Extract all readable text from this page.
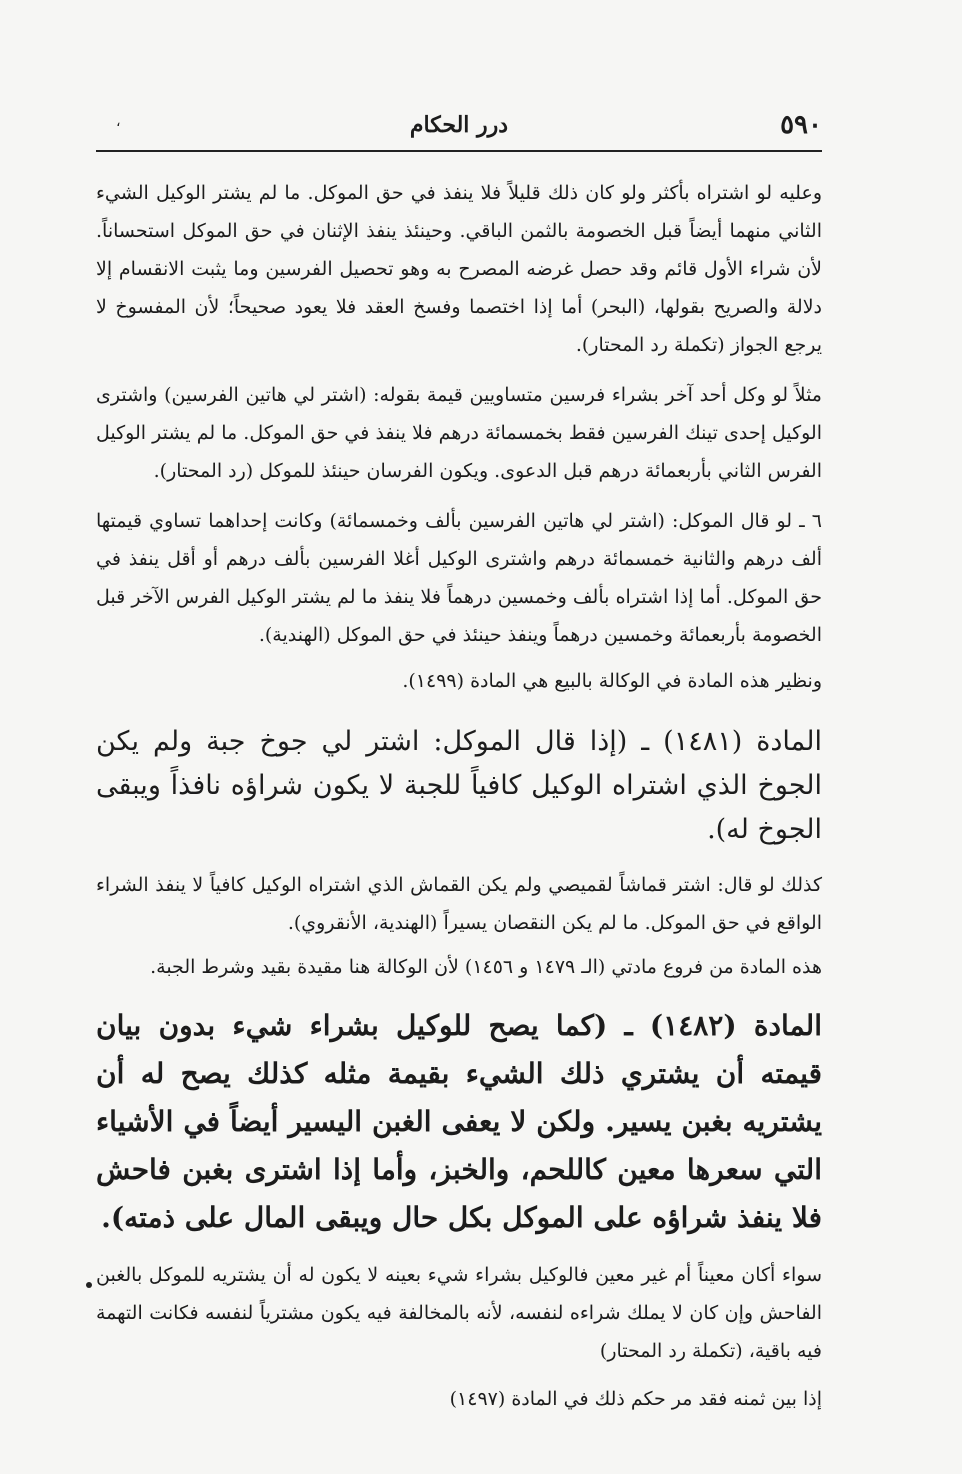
٥٩٠
درر الحكام
،

وعليه لو اشتراه بأكثر ولو كان ذلك قليلاً فلا ينفذ في حق الموكل. ما لم يشتر الوكيل الشيء الثاني منهما أيضاً قبل الخصومة بالثمن الباقي. وحينئذ ينفذ الإثنان في حق الموكل استحساناً. لأن شراء الأول قائم وقد حصل غرضه المصرح به وهو تحصيل الفرسين وما يثبت الانقسام إلا دلالة والصريح بقولها، (البحر) أما إذا اختصما وفسخ العقد فلا يعود صحيحاً؛ لأن المفسوخ لا يرجع الجواز (تكملة رد المحتار).

مثلاً لو وكل أحد آخر بشراء فرسين متساويين قيمة بقوله: (اشتر لي هاتين الفرسين) واشترى الوكيل إحدى تينك الفرسين فقط بخمسمائة درهم فلا ينفذ في حق الموكل. ما لم يشتر الوكيل الفرس الثاني بأربعمائة درهم قبل الدعوى. ويكون الفرسان حينئذ للموكل (رد المحتار).

٦ ـ لو قال الموكل: (اشتر لي هاتين الفرسين بألف وخمسمائة) وكانت إحداهما تساوي قيمتها ألف درهم والثانية خمسمائة درهم واشترى الوكيل أغلا الفرسين بألف درهم أو أقل ينفذ في حق الموكل. أما إذا اشتراه بألف وخمسين درهماً فلا ينفذ ما لم يشتر الوكيل الفرس الآخر قبل الخصومة بأربعمائة وخمسين درهماً وينفذ حينئذ في حق الموكل (الهندية).

ونظير هذه المادة في الوكالة بالبيع هي المادة (١٤٩٩).

المادة (١٤٨١) ـ (إذا قال الموكل: اشتر لي جوخ جبة ولم يكن الجوخ الذي اشتراه الوكيل كافياً للجبة لا يكون شراؤه نافذاً ويبقى الجوخ له).

كذلك لو قال: اشتر قماشاً لقميصي ولم يكن القماش الذي اشتراه الوكيل كافياً لا ينفذ الشراء الواقع في حق الموكل. ما لم يكن النقصان يسيراً (الهندية، الأنقروي).

هذه المادة من فروع مادتي (الـ ١٤٧٩ و ١٤٥٦) لأن الوكالة هنا مقيدة بقيد وشرط الجبة.

المادة (١٤٨٢) ـ (كما يصح للوكيل بشراء شيء بدون بيان قيمته أن يشتري ذلك الشيء بقيمة مثله كذلك يصح له أن يشتريه بغبن يسير. ولكن لا يعفى الغبن اليسير أيضاً في الأشياء التي سعرها معين كاللحم، والخبز، وأما إذا اشترى بغبن فاحش فلا ينفذ شراؤه على الموكل بكل حال ويبقى المال على ذمته).

سواء أكان معيناً أم غير معين فالوكيل بشراء شيء بعينه لا يكون له أن يشتريه للموكل بالغبن الفاحش وإن كان لا يملك شراءه لنفسه، لأنه بالمخالفة فيه يكون مشترياً لنفسه فكانت التهمة فيه باقية، (تكملة رد المحتار)

إذا بين ثمنه فقد مر حكم ذلك في المادة (١٤٩٧)
